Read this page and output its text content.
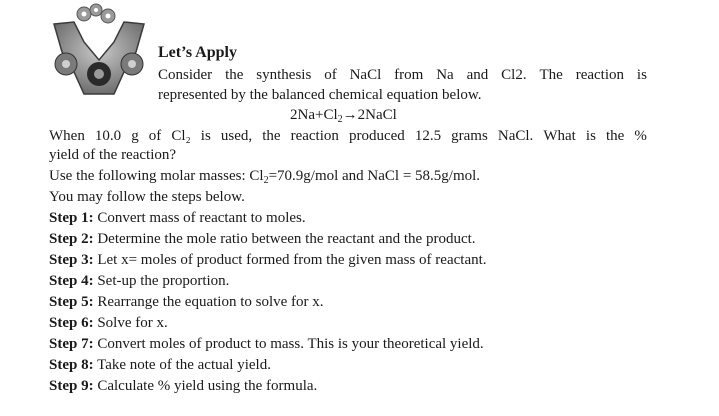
Let’s Apply
Consider the synthesis of NaCl from Na and Cl2. The reaction is
represented by the balanced chemical equation below.
$2Na+Cl_2\to 2NaCl$
When 10.0 g of Cl₂ is used, the reaction produced 12.5 grams NaCl. What is the %
yield of the reaction?
Use the following molar masses: $Cl_2=70.9g$/mol and NaCl = 58.5g/mol.
You may follow the steps below.
Step 1: Convert mass of reactant to moles.
Step 2: Determine the mole ratio between the reactant and the product.
Step 3: Let x= moles of product formed from the given mass of reactant.
Step 4: Set-up the proportion.
Step 5: Rearrange the equation to solve for x.
Step 6: Solve for x.
Step 7: Convert moles of product to mass. This is your theoretical yield.
Step 8: Take note of the actual yield.
Step 9: Calculate % yield using the formula.
